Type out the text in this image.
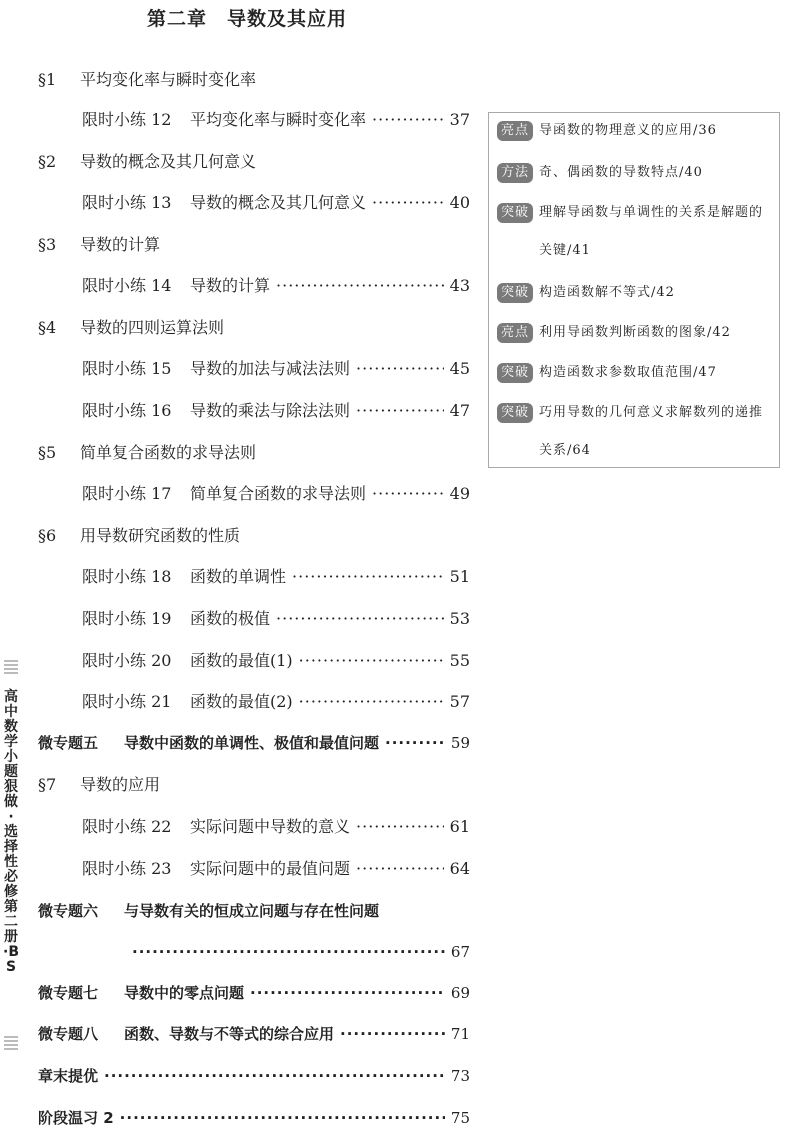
第二章　导数及其应用
§1	平均变化率与瞬时变化率
限时小练 12	平均变化率与瞬时变化率 ·····	37
§2	导数的概念及其几何意义
限时小练 13	导数的概念及其几何意义 ·····	40
§3	导数的计算
限时小练 14	导数的计算 ·····	43
§4	导数的四则运算法则
限时小练 15	导数的加法与减法法则 ·····	45
限时小练 16	导数的乘法与除法法则 ·····	47
§5	简单复合函数的求导法则
限时小练 17	简单复合函数的求导法则 ·····	49
§6	用导数研究函数的性质
限时小练 18	函数的单调性 ·····	51
限时小练 19	函数的极值 ·····	53
限时小练 20	函数的最值(1) ·····	55
限时小练 21	函数的最值(2) ·····	57
微专题五	导数中函数的单调性、极值和最值问题 ·····	59
§7	导数的应用
限时小练 22	实际问题中导数的意义 ·····	61
限时小练 23	实际问题中的最值问题 ·····	64
微专题六	与导数有关的恒成立问题与存在性问题
·····
67
微专题七	导数中的零点问题 ·····	69
微专题八	函数、导数与不等式的综合应用 ·····	71
章末提优 ·····	73
阶段温习 2 ·····	75
亮点 导函数的物理意义的应用/36
方法 奇、偶函数的导数特点/40
突破 理解导函数与单调性的关系是解题的
关键/41
突破 构造函数解不等式/42
亮点 利用导函数判断函数的图象/42
突破 构造函数求参数取值范围/47
突破 巧用导数的几何意义求解数列的递推
关系/64
高中数学小题狠做·选择性必修第二册·BS
